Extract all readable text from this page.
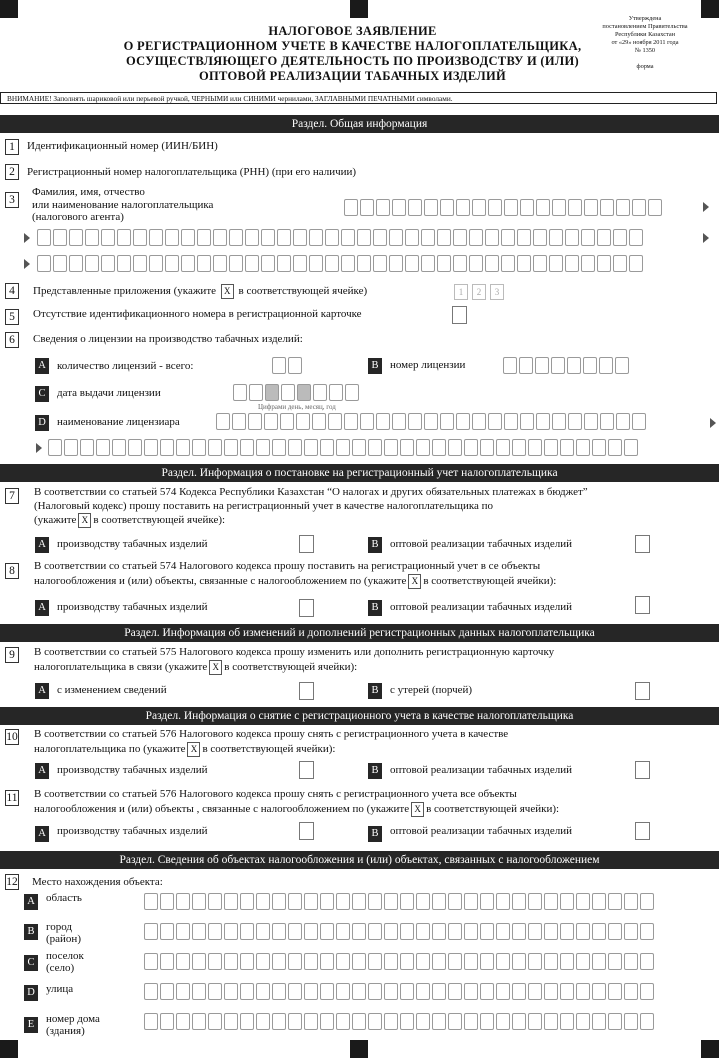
НАЛОГОВОЕ ЗАЯВЛЕНИЕ
О РЕГИСТРАЦИОННОМ УЧЕТЕ В КАЧЕСТВЕ НАЛОГОПЛАТЕЛЬЩИКА,
ОСУЩЕСТВЛЯЮЩЕГО ДЕЯТЕЛЬНОСТЬ ПО ПРОИЗВОДСТВУ И (ИЛИ)
ОПТОВОЙ РЕАЛИЗАЦИИ ТАБАЧНЫХ ИЗДЕЛИЙ
Утверждена
постановлением Правительства
Республики Казахстан
от «29» ноября 2011 года
№ 1350
форма
ВНИМАНИЕ! Заполнять шариковой или перьевой ручкой, ЧЕРНЫМИ или СИНИМИ чернилами, ЗАГЛАВНЫМИ ПЕЧАТНЫМИ символами.
Раздел. Общая информация
1	Идентификационный номер (ИИН/БИН)
2	Регистрационный номер налогоплательщика (РНН) (при его наличии)
3
Фамилия, имя, отчество
или наименование налогоплательщика
(налогового агента)
4	Представленные приложения (укажите Х в соответствующей ячейке)	1	2	3
5	Отсутствие идентификационного номера в регистрационной карточке
6	Сведения о лицензии на производство табачных изделий:
A количество лицензий - всего:	B	номер лицензии
C	дата выдачи лицензии
Цифрами день, месяц, год
D наименование лицензиара
Раздел. Информация о постановке на регистрационный учет налогоплательщика
7	В соответствии со статьей 574 Кодекса Республики Казахстан “О налогах и других обязательных платежах в бюджет”
(Налоговый кодекс) прошу поставить на регистрационный учет в качестве налогоплательщика по
(укажите Х в соответствующей ячейке):
A производству табачных изделий	B	оптовой реализации табачных изделий
8	В соответствии со статьей 574 Налогового кодекса прошу поставить на регистрационный учет в се объекты
налогообложения и (или) объекты, связанные с налогообложением по (укажите Х в соответствующей ячейки):
A производству табачных изделий	B	оптовой реализации табачных изделий
Раздел. Информация об изменений и дополнений регистрационных данных налогоплательщика
9	В соответствии со статьей 575 Налогового кодекса прошу изменить или дополнить регистрационную карточку
налогоплательщика в связи (укажите Х в соответствующей ячейки):
A с изменением сведений	B	с утерей (порчей)
Раздел. Информация о снятие с регистрационного учета в качестве налогоплательщика
10 В соответствии со статьей 576 Налогового кодекса прошу снять с регистрационного учета в качестве
налогоплательщика по (укажите Х в соответствующей ячейки):
A производству табачных изделий	B	оптовой реализации табачных изделий
11 В соответствии со статьей 576 Налогового кодекса прошу снять с регистрационного учета все объекты
налогообложения и (или) объекты , связанные с налогообложением по (укажите Х в соответствующей ячейки):
A производству табачных изделий	B	оптовой реализации табачных изделий
Раздел. Сведения об объектах налогообложения и (или) объектах, связанных с налогообложением
12 Место нахождения объекта:
A область
B	город
(район)
C
поселок
(село)
D улица
E	номер дома
(здания)
